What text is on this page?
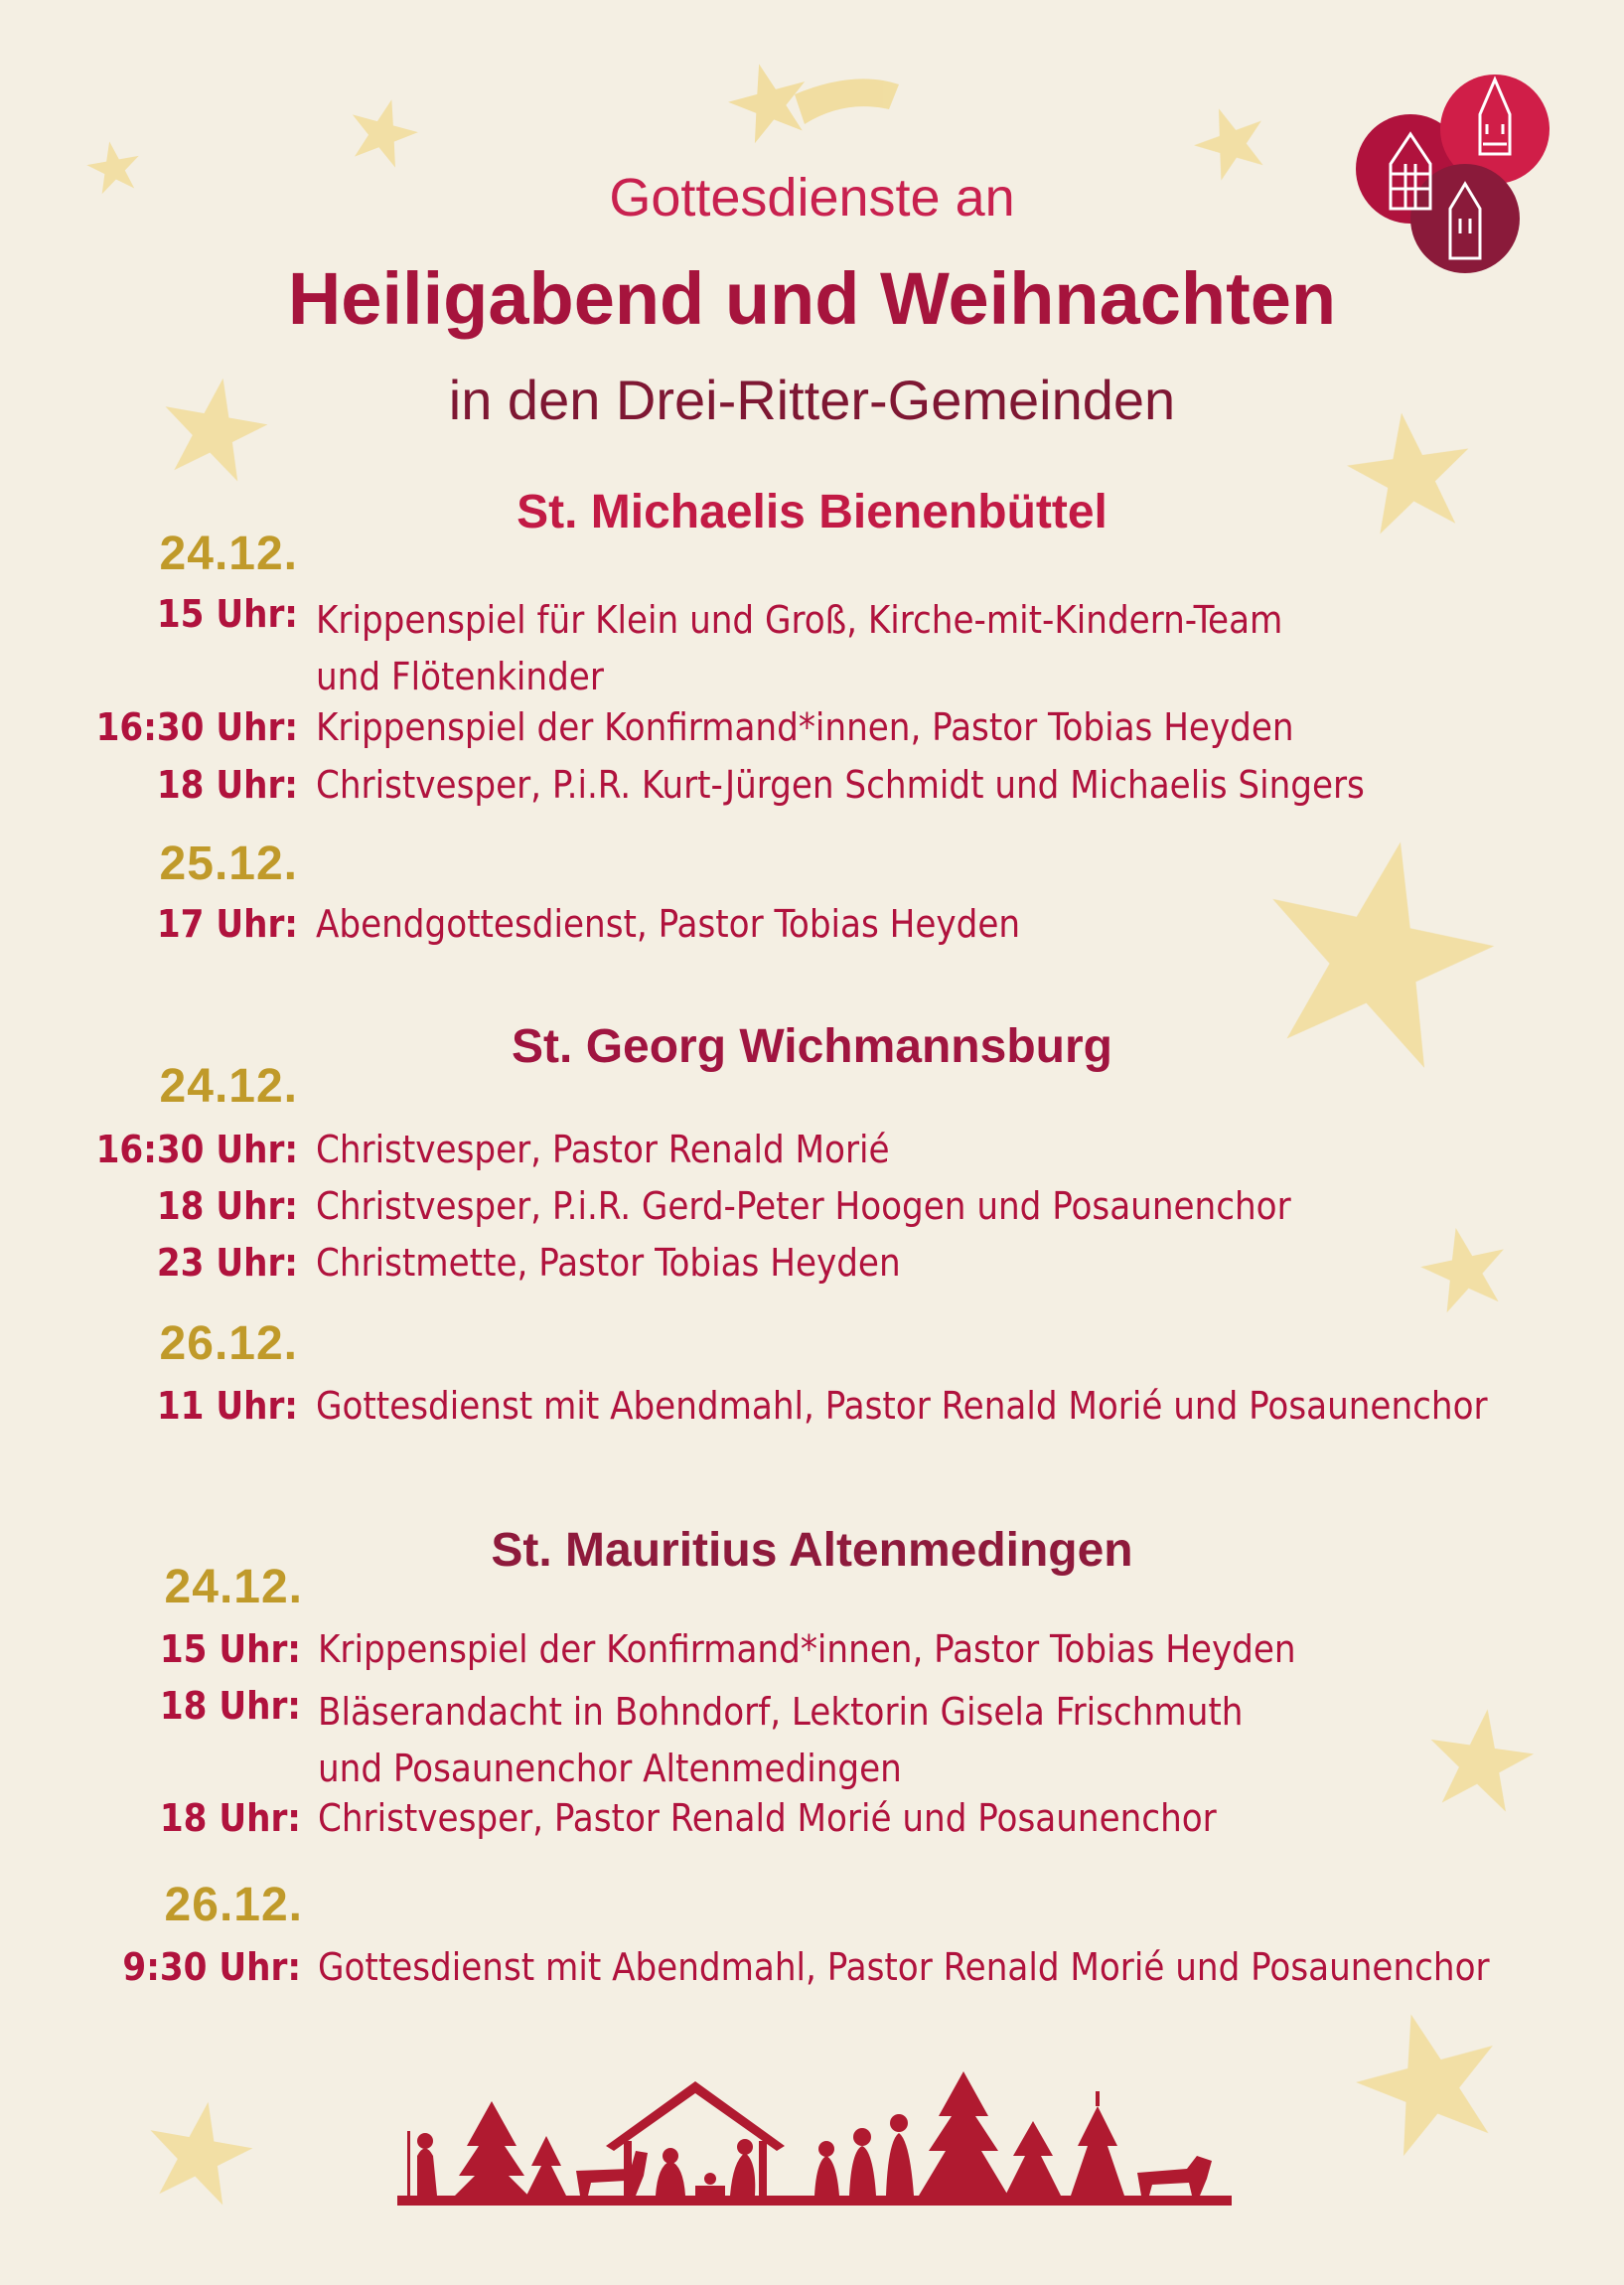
Gottesdienste an
Heiligabend und Weihnachten
in den Drei-Ritter-Gemeinden
St. Michaelis Bienenbüttel
24.12.
15 Uhr: Krippenspiel für Klein und Groß, Kirche-mit-Kindern-Team
und Flötenkinder
16:30 Uhr: Krippenspiel der Konfirmand*innen, Pastor Tobias Heyden
18 Uhr: Christvesper, P.i.R. Kurt-Jürgen Schmidt und Michaelis Singers
25.12.
17 Uhr: Abendgottesdienst, Pastor Tobias Heyden
St. Georg Wichmannsburg
24.12.
16:30 Uhr: Christvesper, Pastor Renald Morié
18 Uhr: Christvesper, P.i.R. Gerd-Peter Hoogen und Posaunenchor
23 Uhr: Christmette, Pastor Tobias Heyden
26.12.
11 Uhr: Gottesdienst mit Abendmahl, Pastor Renald Morié und Posaunenchor
St. Mauritius Altenmedingen
24.12.
15 Uhr: Krippenspiel der Konfirmand*innen, Pastor Tobias Heyden
18 Uhr: Bläserandacht in Bohndorf, Lektorin Gisela Frischmuth
und Posaunenchor Altenmedingen
18 Uhr: Christvesper, Pastor Renald Morié und Posaunenchor
26.12.
9:30 Uhr: Gottesdienst mit Abendmahl, Pastor Renald Morié und Posaunenchor
